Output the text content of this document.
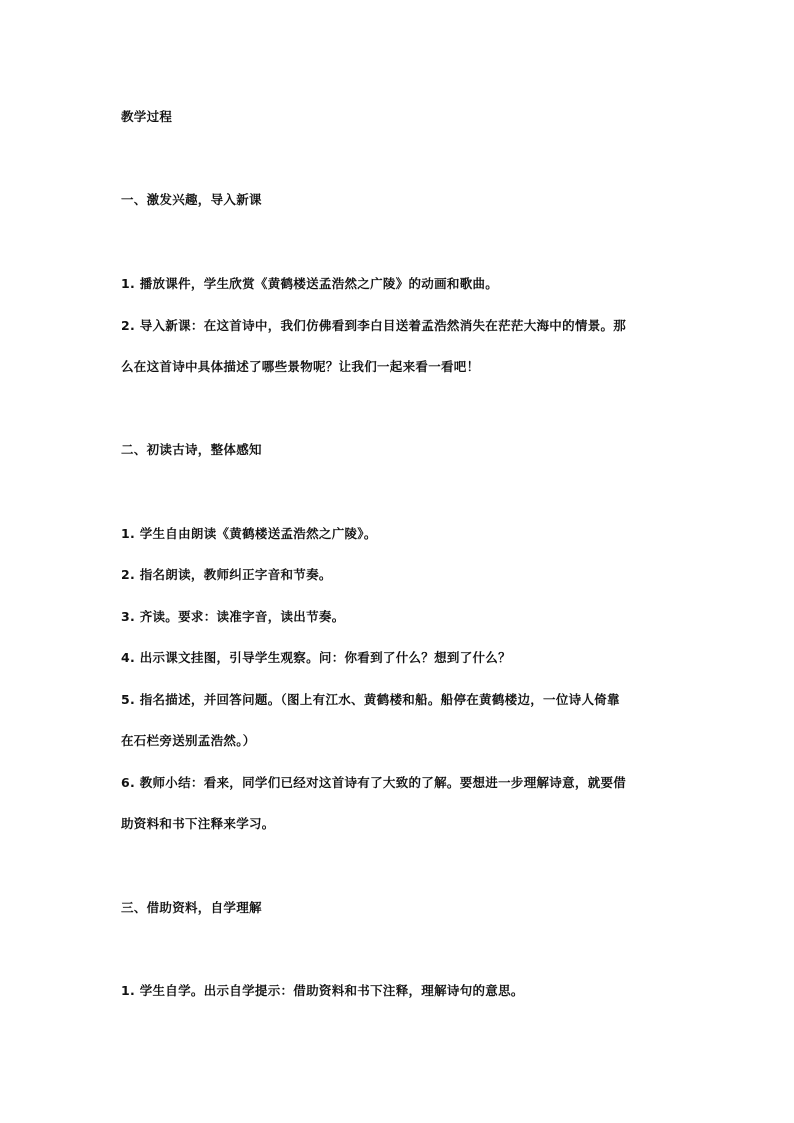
教学过程
一、激发兴趣，导入新课
1. 播放课件，学生欣赏《黄鹤楼送孟浩然之广陵》的动画和歌曲。
2. 导入新课：在这首诗中，我们仿佛看到李白目送着孟浩然消失在茫茫大海中的情景。那
么在这首诗中具体描述了哪些景物呢？让我们一起来看一看吧！
二、初读古诗，整体感知
1. 学生自由朗读《黄鹤楼送孟浩然之广陵》。
2. 指名朗读，教师纠正字音和节奏。
3. 齐读。要求：读准字音，读出节奏。
4. 出示课文挂图，引导学生观察。问：你看到了什么？想到了什么？
5. 指名描述，并回答问题。（图上有江水、黄鹤楼和船。船停在黄鹤楼边，一位诗人倚靠
在石栏旁送别孟浩然。）
6. 教师小结：看来，同学们已经对这首诗有了大致的了解。要想进一步理解诗意，就要借
助资料和书下注释来学习。
三、借助资料，自学理解
1. 学生自学。出示自学提示：借助资料和书下注释，理解诗句的意思。
